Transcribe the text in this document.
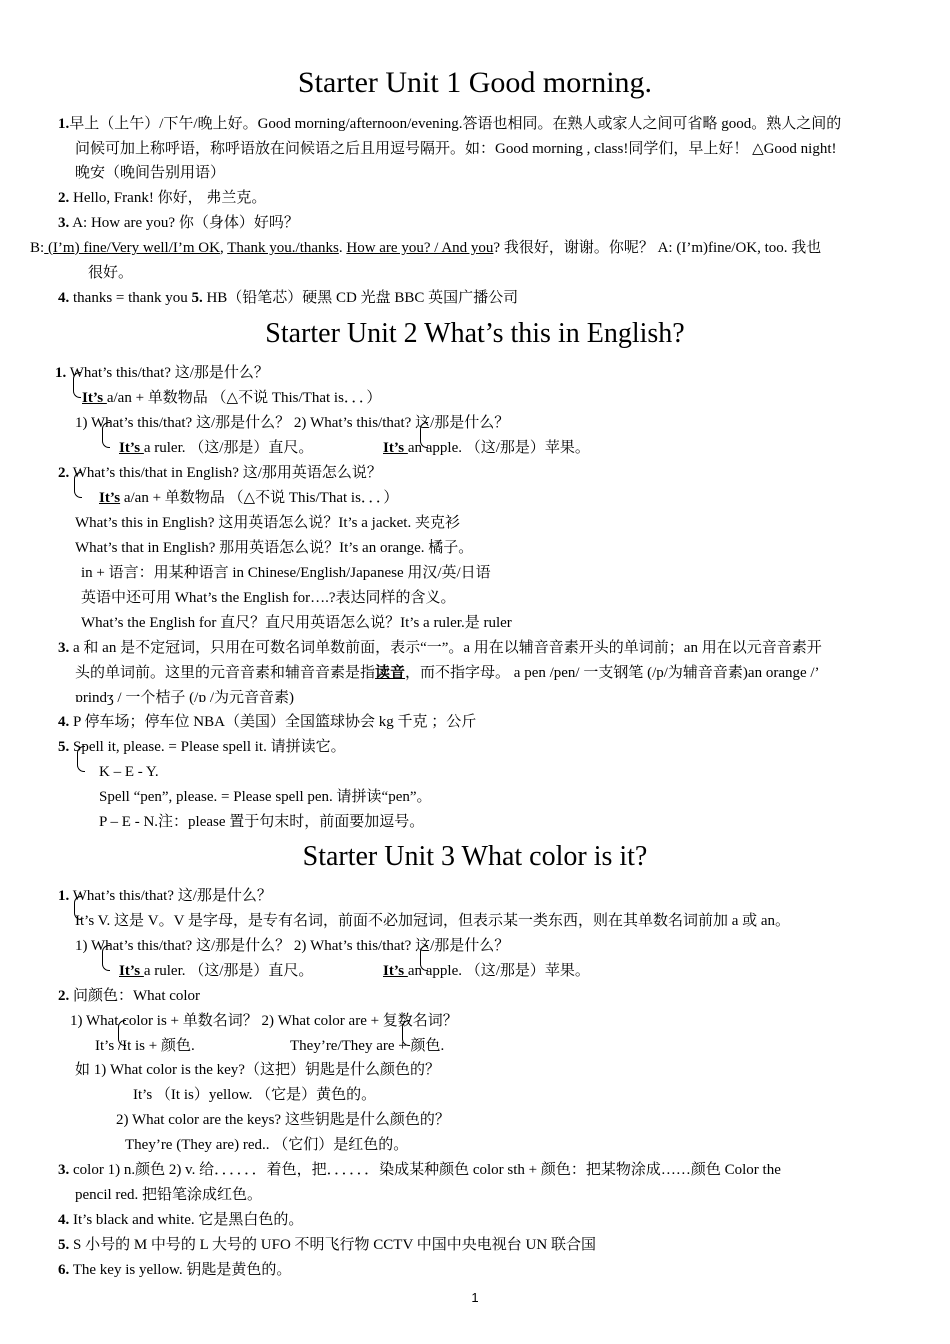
Starter Unit 1 Good morning.
1.早上（上午）/下午/晚上好。Good morning/afternoon/evening.答语也相同。在熟人或家人之间可省略 good。熟人之间的
问候可加上称呼语，称呼语放在问候语之后且用逗号隔开。如：Good morning , class!同学们，早上好！ △Good night!
晚安（晚间告别用语）
2. Hello, Frank! 你好， 弗兰克。
3. A: How are you? 你（身体）好吗？
B: (I’m) fine/Very well/I’m OK, Thank you./thanks. How are you? / And you? 我很好，谢谢。你呢？ A: (I’m)fine/OK, too. 我也
很好。
4. thanks = thank you 5. HB（铅笔芯）硬黑 CD 光盘 BBC 英国广播公司
Starter Unit 2 What’s this in English?
1. What’s this/that? 这/那是什么？
It’s a/an + 单数物品 （△不说 This/That is．．．）
1) What’s this/that? 这/那是什么？ 2) What’s this/that? 这/那是什么？
It’s a ruler. （这/那是）直尺。	It’s an apple. （这/那是）苹果。
2. What’s this/that in English? 这/那用英语怎么说？
It’s a/an + 单数物品 （△不说 This/That is．．．）
What’s this in English? 这用英语怎么说？It’s a jacket. 夹克衫
What’s that in English? 那用英语怎么说？It’s an orange. 橘子。
in + 语言：用某种语言 in Chinese/English/Japanese 用汉/英/日语
英语中还可用 What’s the English for….?表达同样的含义。
What’s the English for 直尺？直尺用英语怎么说？It’s a ruler.是 ruler
3. a 和 an 是不定冠词，只用在可数名词单数前面，表示“一”。a 用在以辅音音素开头的单词前；an 用在以元音音素开
头的单词前。这里的元音音素和辅音音素是指读音，而不指字母。 a pen /pen/ 一支钢笔 (/p/为辅音音素)an orange /’
ɒrindʒ / 一个桔子 (/ɒ /为元音音素)
4. P 停车场；停车位 NBA（美国）全国篮球协会 kg 千克 ；公斤
5. Spell it, please. = Please spell it. 请拼读它。
K – E - Y.
Spell “pen”, please. = Please spell pen. 请拼读“pen”。
P – E - N.注：please 置于句末时，前面要加逗号。
Starter Unit 3 What color is it?
1. What’s this/that? 这/那是什么？
It’s V. 这是 V。V 是字母，是专有名词，前面不必加冠词，但表示某一类东西，则在其单数名词前加 a 或 an。
1) What’s this/that? 这/那是什么？ 2) What’s this/that? 这/那是什么？
It’s a ruler. （这/那是）直尺。	It’s an apple. （这/那是）苹果。
2. 问颜色：What color
1) What color is + 单数名词？ 2) What color are + 复数名词？
It’s /It is + 颜色.	They’re/They are + 颜色.
如 1) What color is the key?（这把）钥匙是什么颜色的？
It’s （It is）yellow. （它是）黄色的。
2) What color are the keys? 这些钥匙是什么颜色的？
They’re (They are) red.. （它们）是红色的。
3. color 1) n.颜色 2) v. 给．．．．．．着色，把．．．．．．染成某种颜色 color sth + 颜色：把某物涂成……颜色 Color the
pencil red. 把铅笔涂成红色。
4. It’s black and white. 它是黑白色的。
5. S 小号的 M 中号的 L 大号的 UFO 不明飞行物 CCTV 中国中央电视台 UN 联合国
6. The key is yellow. 钥匙是黄色的。
1
